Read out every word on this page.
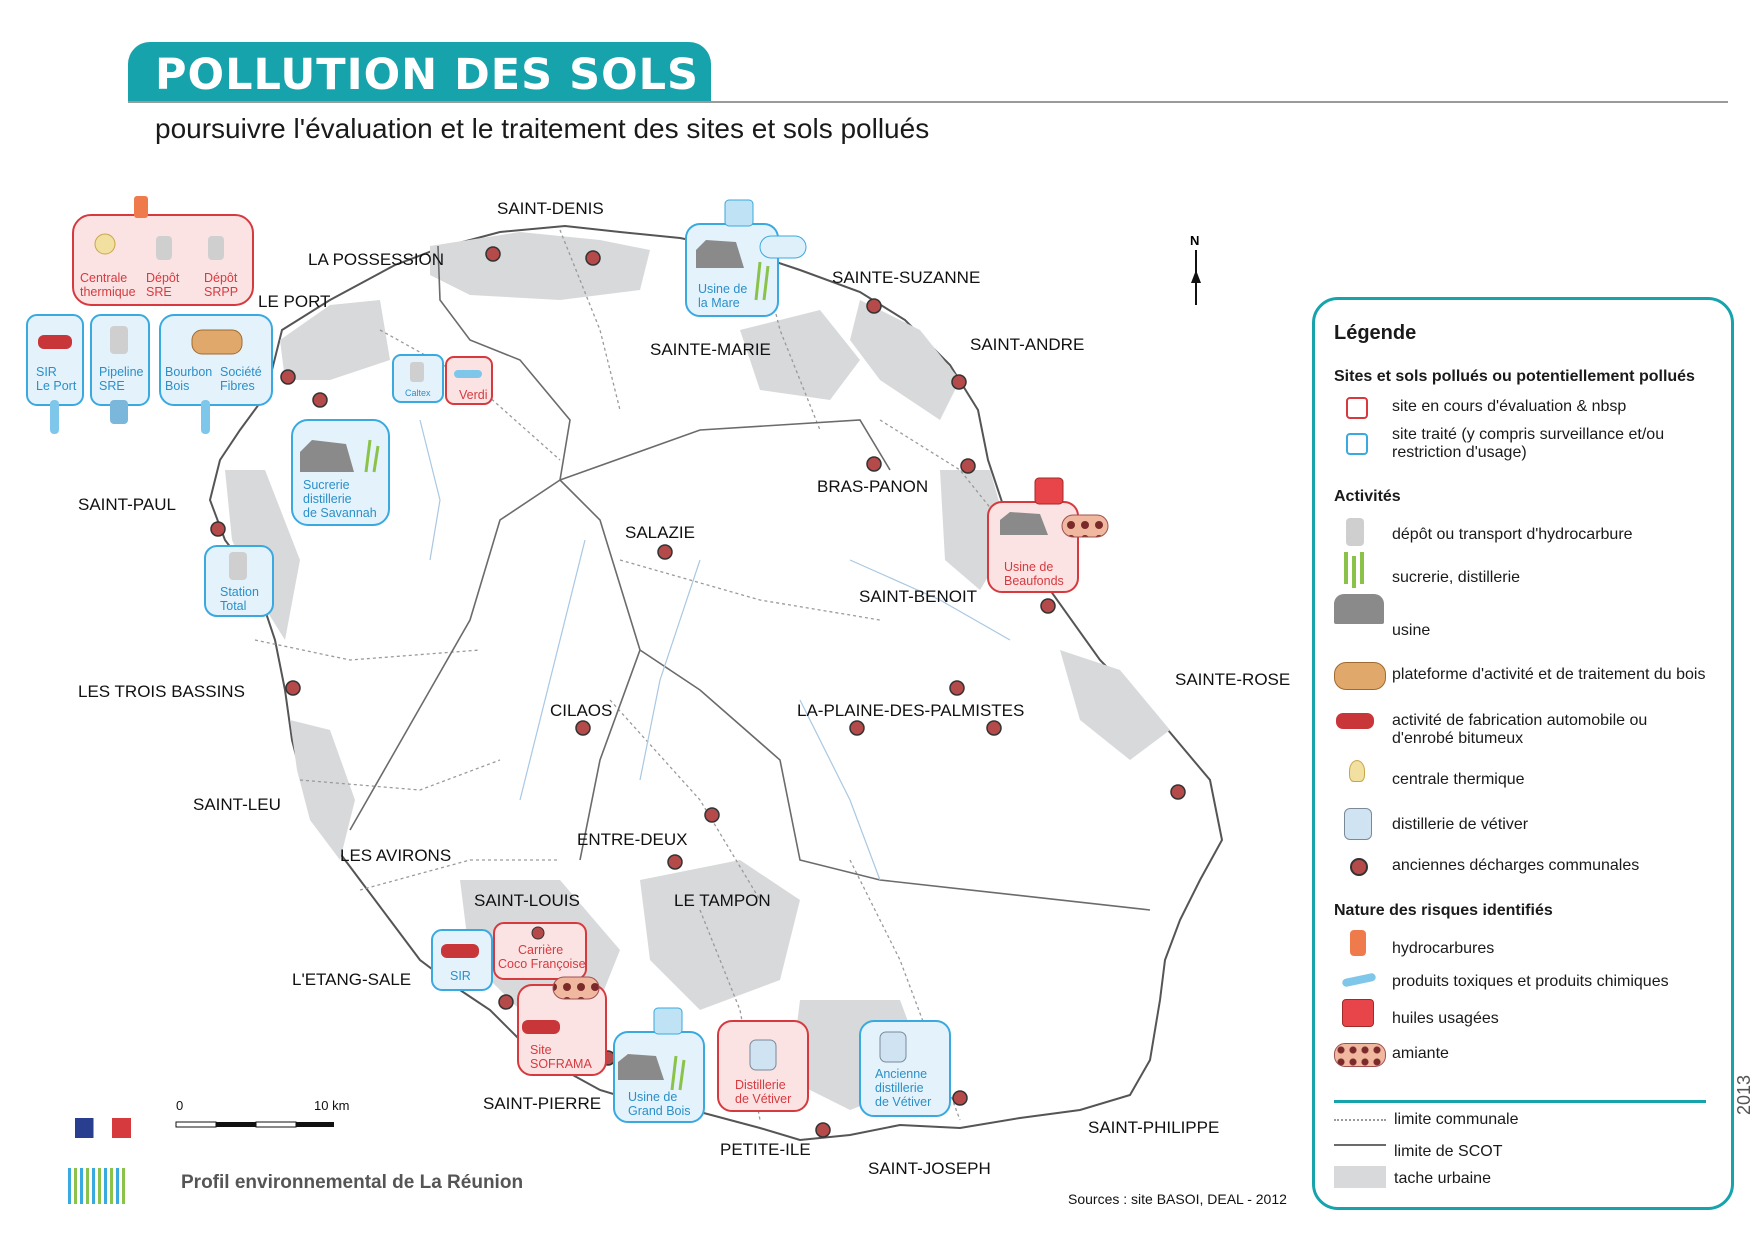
POLLUTION DES SOLS
poursuivre l'évaluation et le traitement des sites et sols pollués
SAINT-DENIS
LA POSSESSION
LE PORT
SAINTE-SUZANNE
SAINTE-MARIE	SAINT-ANDRE
SAINT-PAUL
BRAS-PANON
SALAZIE
SAINT-BENOIT
LES TROIS BASSINS
CILAOS	LA-PLAINE-DES-PALMISTES
SAINTE-ROSE
SAINT-LEU
ENTRE-DEUX
LES AVIRONS
SAINT-LOUIS	LE TAMPON
L'ETANG-SALE
SAINT-PIERRE
PETITE-ILE
SAINT-JOSEPH
SAINT-PHILIPPE
Centrale
thermique
Dépôt
SRE
Dépôt
SRPP
Verdi
Usine de
Beaufonds
Carrière
Coco Françoise
Site
SOFRAMA
Distillerie
de Vétiver
SIR
Le Port
Pipeline
SRE
Bourbon
Bois
Société
Fibres	Caltex
Usine de
la Mare
Sucrerie
distillerie
de Savannah
Station
Total
SIR
Usine de
Grand Bois
Ancienne
distillerie
de Vétiver
N
0	10 km
Légende
Sites et sols pollués ou potentiellement pollués
site en cours d'évaluation & nbsp
site traité (y compris surveillance et/ou restriction d'usage)
Activités
dépôt ou transport d'hydrocarbure
sucrerie, distillerie
usine
plateforme d'activité et de traitement du bois
activité de fabrication automobile ou d'enrobé bitumeux
centrale thermique
distillerie de vétiver
anciennes décharges communales
Nature des risques identifiés
hydrocarbures
produits toxiques et produits chimiques
huiles usagées
amiante
limite communale
limite de SCOT
tache urbaine
Profil environnemental de La Réunion
Sources : site BASOI, DEAL - 2012
2013
